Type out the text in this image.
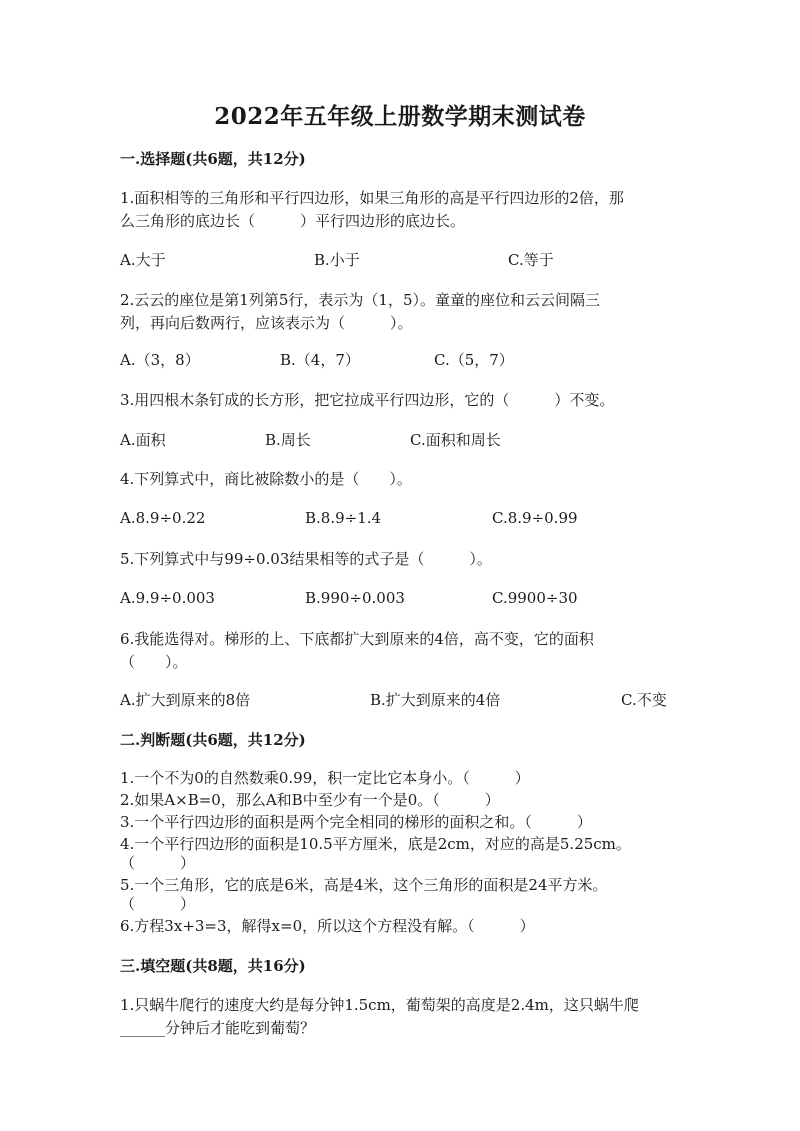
2022年五年级上册数学期末测试卷
一.选择题(共6题，共12分)
1.面积相等的三角形和平行四边形，如果三角形的高是平行四边形的2倍，那
么三角形的底边长（　　　）平行四边形的底边长。
A.大于	B.小于	C.等于
2.云云的座位是第1列第5行，表示为（1，5）。童童的座位和云云间隔三
列，再向后数两行，应该表示为（　　　）。
A.（3，8）	B.（4，7）	C.（5，7）
3.用四根木条钉成的长方形，把它拉成平行四边形，它的（　　　）不变。
A.面积	B.周长	C.面积和周长
4.下列算式中，商比被除数小的是（　　）。
A.8.9÷0.22	B.8.9÷1.4	C.8.9÷0.99
5.下列算式中与99÷0.03结果相等的式子是（　　　）。
A.9.9÷0.003	B.990÷0.003	C.9900÷30
6.我能选得对。梯形的上、下底都扩大到原来的4倍，高不变，它的面积
（　　）。
A.扩大到原来的8倍	B.扩大到原来的4倍	C.不变
二.判断题(共6题，共12分)
1.一个不为0的自然数乘0.99，积一定比它本身小。（　　　）
2.如果A×B=0，那么A和B中至少有一个是0。（　　　）
3.一个平行四边形的面积是两个完全相同的梯形的面积之和。（　　　）
4.一个平行四边形的面积是10.5平方厘米，底是2cm，对应的高是5.25cm。
（　　　）
5.一个三角形，它的底是6米，高是4米，这个三角形的面积是24平方米。
（　　　）
6.方程3x+3=3，解得x=0，所以这个方程没有解。（　　　）
三.填空题(共8题，共16分)
1.只蜗牛爬行的速度大约是每分钟1.5cm，葡萄架的高度是2.4m，这只蜗牛爬
______分钟后才能吃到葡萄？
